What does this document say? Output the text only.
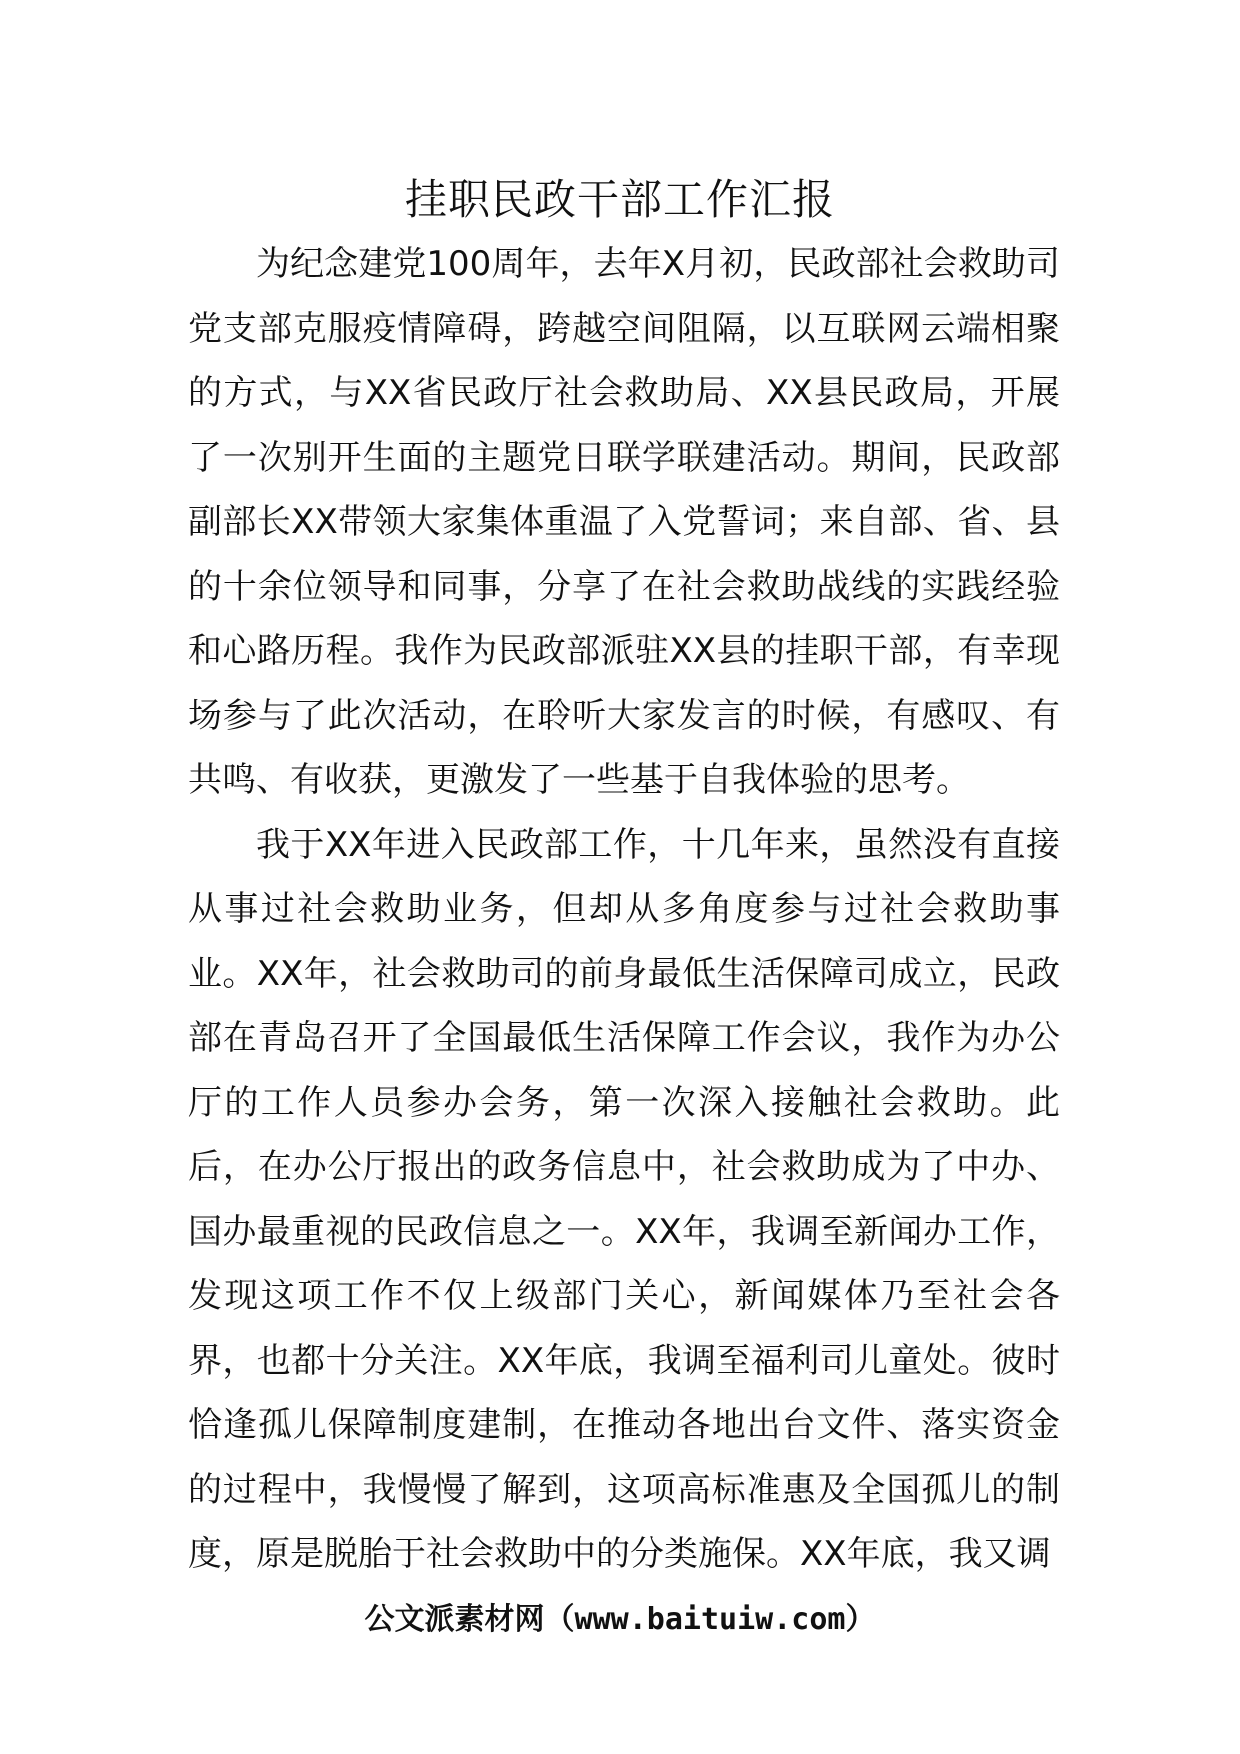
挂职民政干部工作汇报

为纪念建党100周年，去年X月初，民政部社会救助司党支部克服疫情障碍，跨越空间阻隔，以互联网云端相聚的方式，与XX省民政厅社会救助局、XX县民政局，开展了一次别开生面的主题党日联学联建活动。期间，民政部副部长XX带领大家集体重温了入党誓词；来自部、省、县的十余位领导和同事，分享了在社会救助战线的实践经验和心路历程。我作为民政部派驻XX县的挂职干部，有幸现场参与了此次活动，在聆听大家发言的时候，有感叹、有共鸣、有收获，更激发了一些基于自我体验的思考。

我于XX年进入民政部工作，十几年来，虽然没有直接从事过社会救助业务，但却从多角度参与过社会救助事业。XX年，社会救助司的前身最低生活保障司成立，民政部在青岛召开了全国最低生活保障工作会议，我作为办公厅的工作人员参办会务，第一次深入接触社会救助。此后，在办公厅报出的政务信息中，社会救助成为了中办、国办最重视的民政信息之一。XX年，我调至新闻办工作，发现这项工作不仅上级部门关心，新闻媒体乃至社会各界，也都十分关注。XX年底，我调至福利司儿童处。彼时恰逢孤儿保障制度建制，在推动各地出台文件、落实资金的过程中，我慢慢了解到，这项高标准惠及全国孤儿的制度，原是脱胎于社会救助中的分类施保。XX年底，我又调

公文派素材网（www.baituiw.com）
